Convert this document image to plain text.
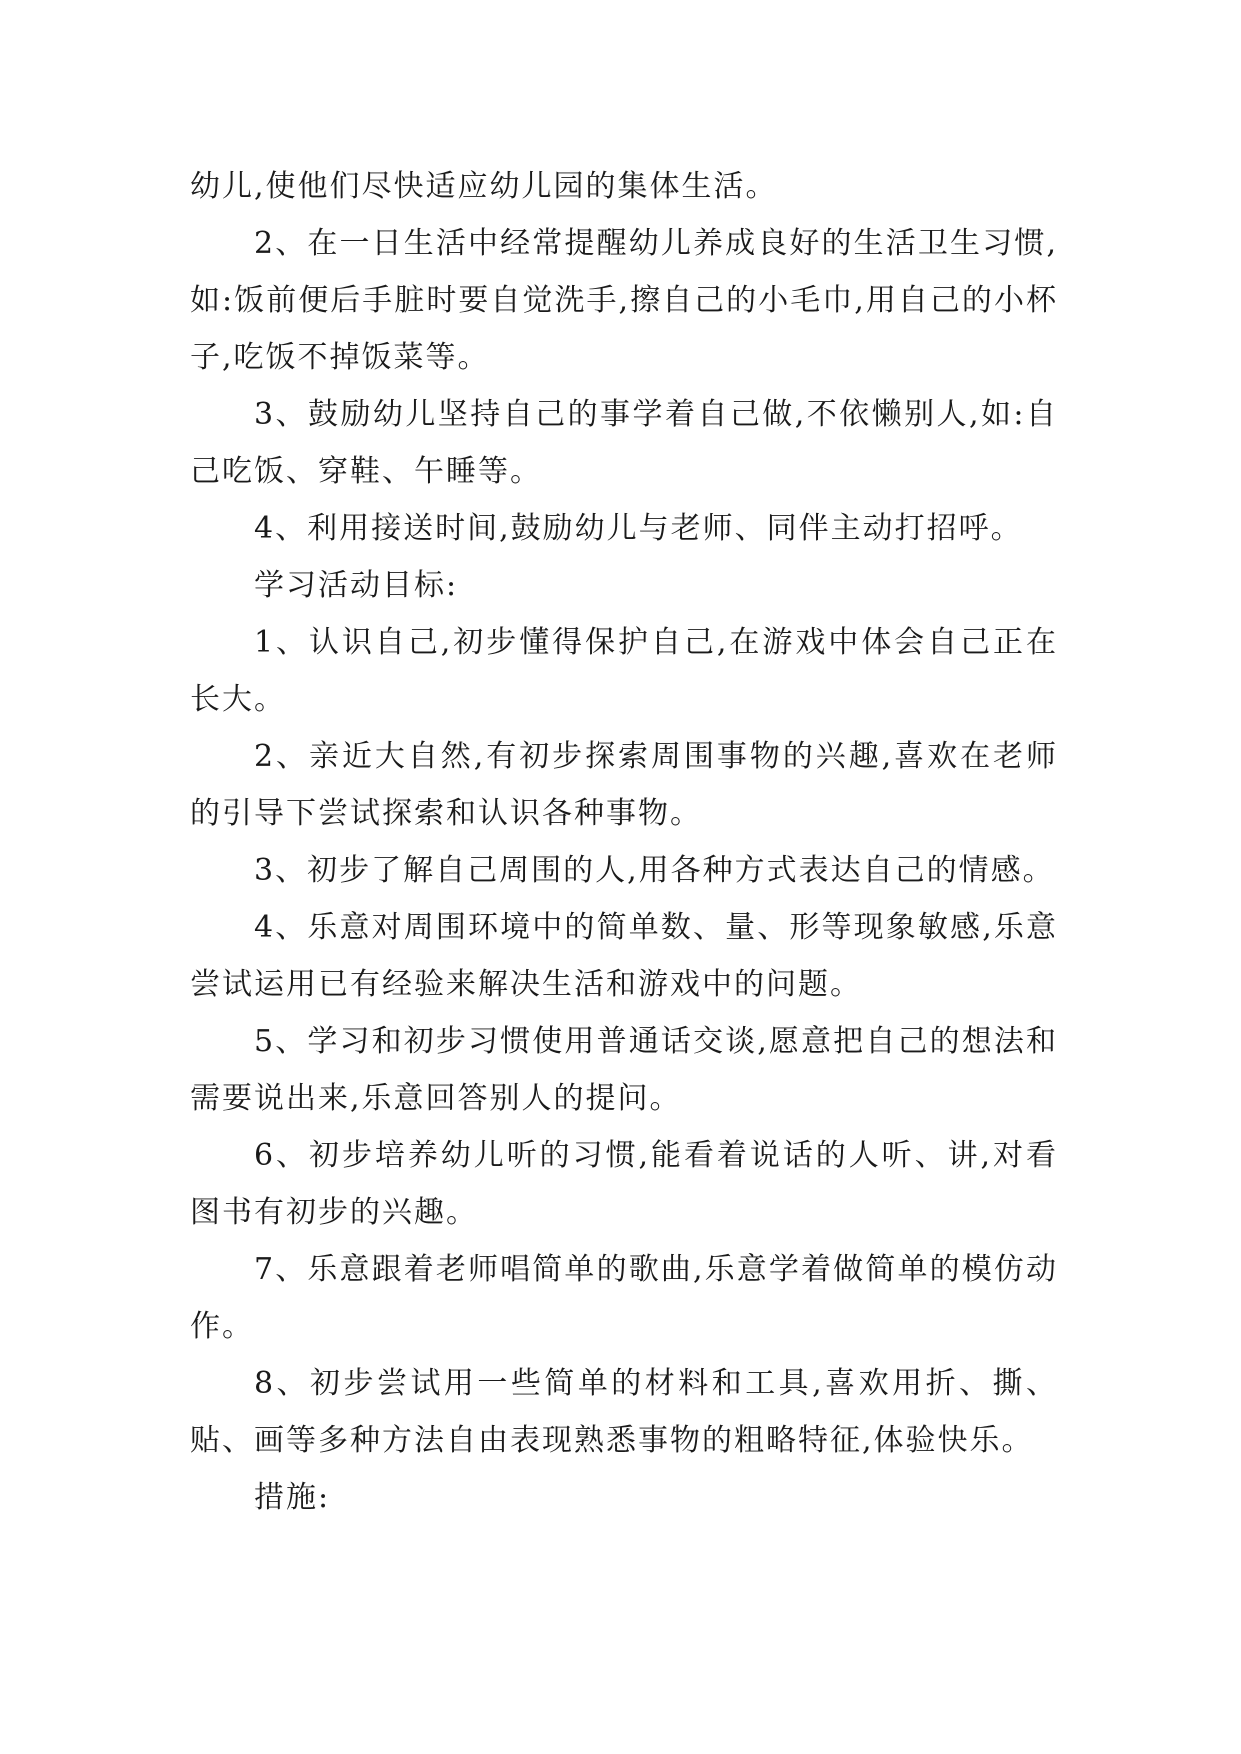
幼儿,使他们尽快适应幼儿园的集体生活。

2、在一日生活中经常提醒幼儿养成良好的生活卫生习惯,如:饭前便后手脏时要自觉洗手,擦自己的小毛巾,用自己的小杯子,吃饭不掉饭菜等。

3、鼓励幼儿坚持自己的事学着自己做,不依懒别人,如:自己吃饭、穿鞋、午睡等。

4、利用接送时间,鼓励幼儿与老师、同伴主动打招呼。

学习活动目标:

1、认识自己,初步懂得保护自己,在游戏中体会自己正在长大。

2、亲近大自然,有初步探索周围事物的兴趣,喜欢在老师的引导下尝试探索和认识各种事物。

3、初步了解自己周围的人,用各种方式表达自己的情感。

4、乐意对周围环境中的简单数、量、形等现象敏感,乐意尝试运用已有经验来解决生活和游戏中的问题。

5、学习和初步习惯使用普通话交谈,愿意把自己的想法和需要说出来,乐意回答别人的提问。

6、初步培养幼儿听的习惯,能看着说话的人听、讲,对看图书有初步的兴趣。

7、乐意跟着老师唱简单的歌曲,乐意学着做简单的模仿动作。

8、初步尝试用一些简单的材料和工具,喜欢用折、撕、贴、画等多种方法自由表现熟悉事物的粗略特征,体验快乐。

措施:
